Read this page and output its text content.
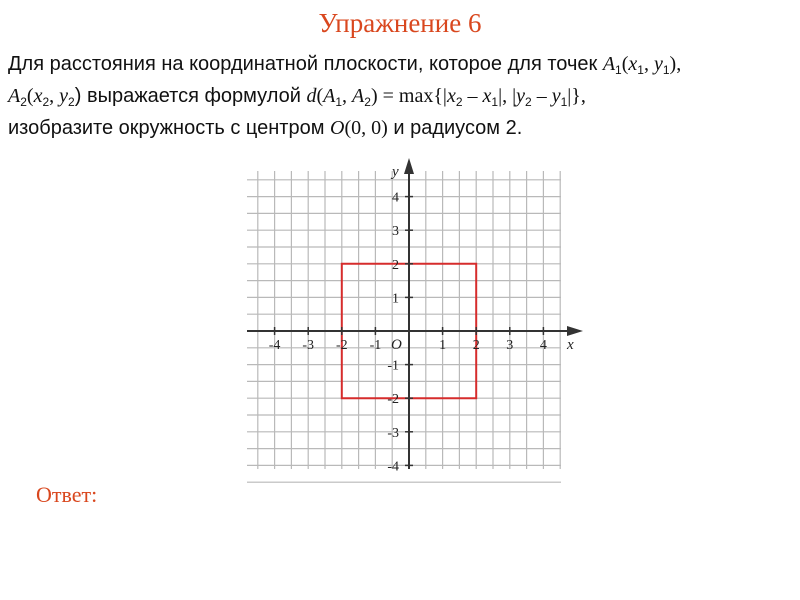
Упражнение 6
Для расстояния на координатной плоскости, которое для точек $A_1(x_1$, $y_1$),
$A_2(x_2$, $y_2$) выражается формулой $d(A_1$, $A_2) = \max\{|x_2 - x_1|$, $|y_2 - y_1|$},
изобразите окружность с центром O(0, 0) и радиусом 2.
-4 -3 -2 -1	1 2 3 4
4
3
2
1
-1
-2
-3
-4
x
y
O
Ответ:
